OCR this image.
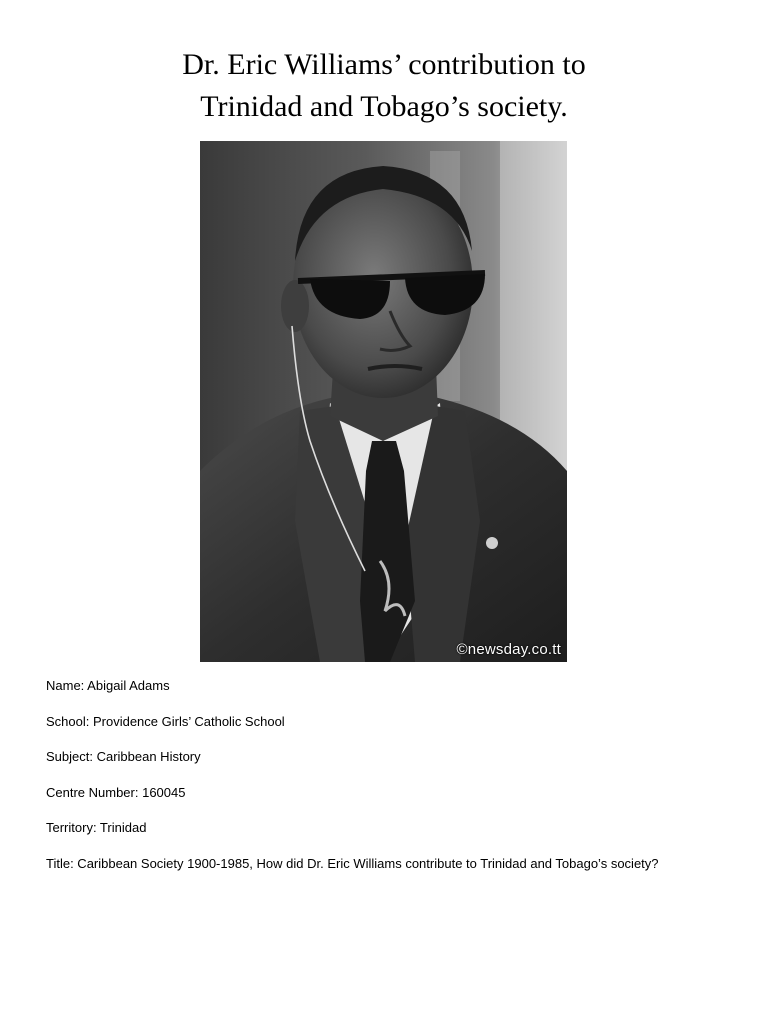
Dr. Eric Williams’ contribution to
Trinidad and Tobago’s society.
©newsday.co.tt
Name: Abigail Adams
School: Providence Girls’ Catholic School
Subject: Caribbean History
Centre Number: 160045
Territory: Trinidad
Title: Caribbean Society 1900-1985, How did Dr. Eric Williams contribute to Trinidad and Tobago’s society?
